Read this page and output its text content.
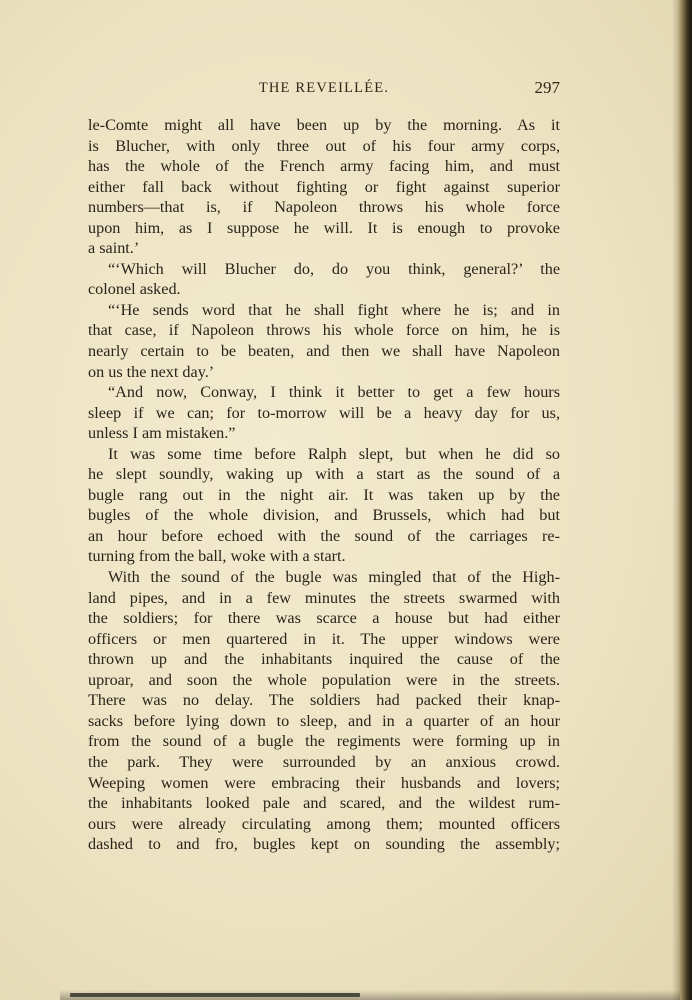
THE REVEILLÉE.	297
le-Comte might all have been up by the morning. As it
is Blucher, with only three out of his four army corps,
has the whole of the French army facing him, and must
either fall back without fighting or fight against superior
numbers—that is, if Napoleon throws his whole force
upon him, as I suppose he will. It is enough to provoke
a saint.’
“‘Which will Blucher do, do you think, general?’ the
colonel asked.
“‘He sends word that he shall fight where he is; and in
that case, if Napoleon throws his whole force on him, he is
nearly certain to be beaten, and then we shall have Napoleon
on us the next day.’
“And now, Conway, I think it better to get a few hours
sleep if we can; for to-morrow will be a heavy day for us,
unless I am mistaken.”
It was some time before Ralph slept, but when he did so
he slept soundly, waking up with a start as the sound of a
bugle rang out in the night air. It was taken up by the
bugles of the whole division, and Brussels, which had but
an hour before echoed with the sound of the carriages re-
turning from the ball, woke with a start.
With the sound of the bugle was mingled that of the High-
land pipes, and in a few minutes the streets swarmed with
the soldiers; for there was scarce a house but had either
officers or men quartered in it. The upper windows were
thrown up and the inhabitants inquired the cause of the
uproar, and soon the whole population were in the streets.
There was no delay. The soldiers had packed their knap-
sacks before lying down to sleep, and in a quarter of an hour
from the sound of a bugle the regiments were forming up in
the park. They were surrounded by an anxious crowd.
Weeping women were embracing their husbands and lovers;
the inhabitants looked pale and scared, and the wildest rum-
ours were already circulating among them; mounted officers
dashed to and fro, bugles kept on sounding the assembly;
